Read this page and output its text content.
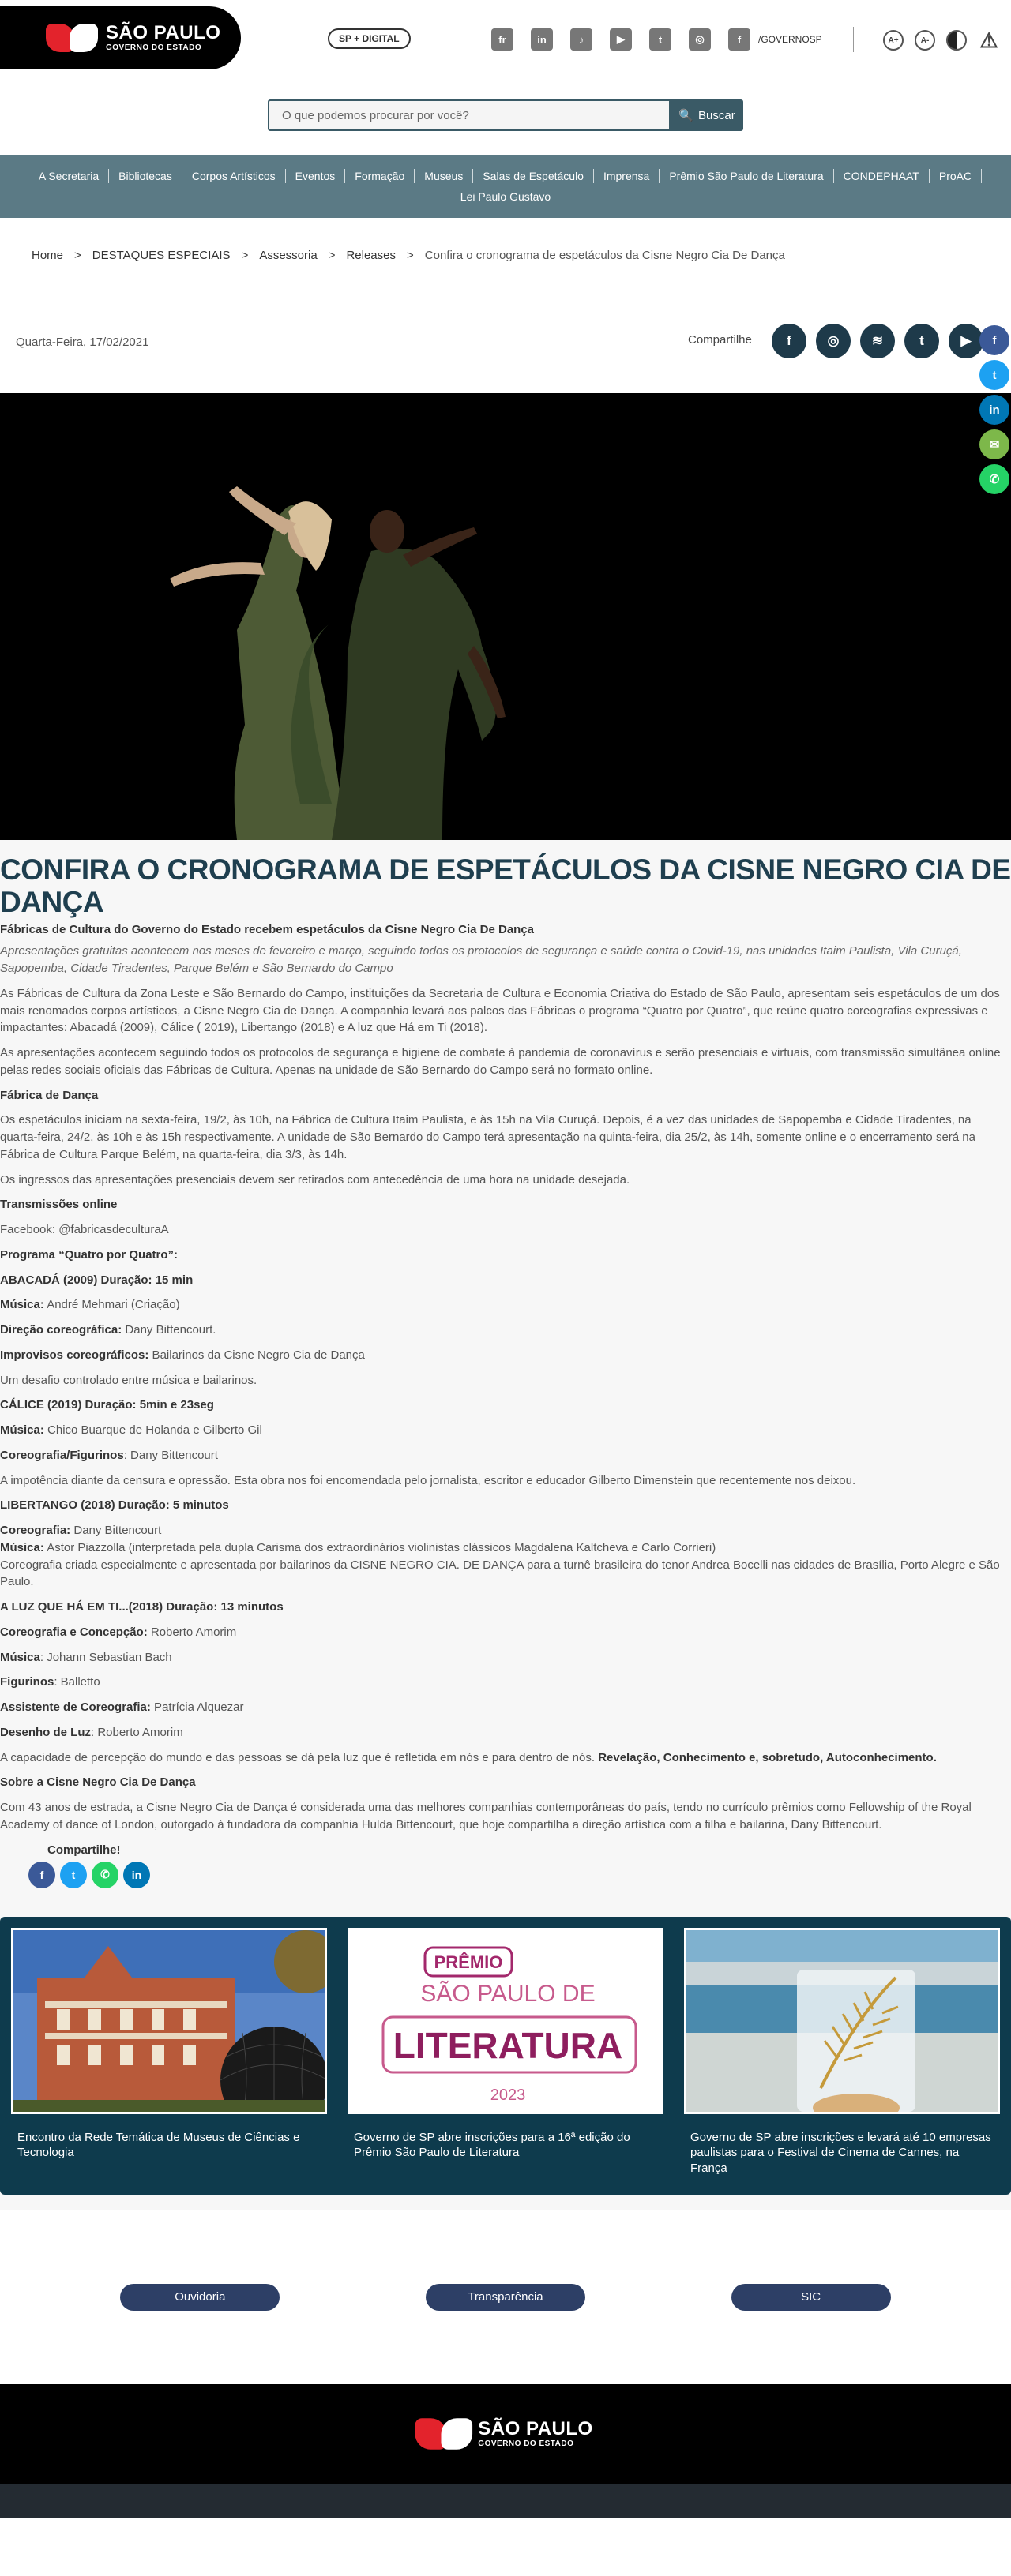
SÃO PAULO
GOVERNO DO ESTADO
SP + DIGITAL	fr	in	♪	▶	t	◎	f	/GOVERNOSP	A+	A- ⚠
O que podemos procurar por você?
🔍 Buscar
A Secretaria	Bibliotecas	Corpos Artísticos	Eventos	Formação	Museus	Salas de Espetáculo	Imprensa	Prêmio São Paulo de Literatura	CONDEPHAAT	ProAC
Lei Paulo Gustavo
Home > DESTAQUES ESPECIAIS > Assessoria > Releases > Confira o cronograma de espetáculos da Cisne Negro Cia De Dança
Quarta-Feira, 17/02/2021	Compartilhe	f	◎	≋	t	▶	f
t
in
✉
✆
CONFIRA O CRONOGRAMA DE ESPETÁCULOS DA CISNE NEGRO CIA DE DANÇA
Fábricas de Cultura do Governo do Estado recebem espetáculos da Cisne Negro Cia De Dança

Apresentações gratuitas acontecem nos meses de fevereiro e março, seguindo todos os protocolos de segurança e saúde contra o Covid-19, nas unidades Itaim Paulista, Vila Curuçá, Sapopemba, Cidade Tiradentes, Parque Belém e São Bernardo do Campo

As Fábricas de Cultura da Zona Leste e São Bernardo do Campo, instituições da Secretaria de Cultura e Economia Criativa do Estado de São Paulo, apresentam seis espetáculos de um dos mais renomados corpos artísticos, a Cisne Negro Cia de Dança. A companhia levará aos palcos das Fábricas o programa “Quatro por Quatro”, que reúne quatro coreografias expressivas e impactantes: Abacadá (2009), Cálice ( 2019), Libertango (2018) e A luz que Há em Ti (2018).

As apresentações acontecem seguindo todos os protocolos de segurança e higiene de combate à pandemia de coronavírus e serão presenciais e virtuais, com transmissão simultânea online pelas redes sociais oficiais das Fábricas de Cultura. Apenas na unidade de São Bernardo do Campo será no formato online.

Fábrica de Dança

Os espetáculos iniciam na sexta-feira, 19/2, às 10h, na Fábrica de Cultura Itaim Paulista, e às 15h na Vila Curuçá. Depois, é a vez das unidades de Sapopemba e Cidade Tiradentes, na quarta-feira, 24/2, às 10h e às 15h respectivamente. A unidade de São Bernardo do Campo terá apresentação na quinta-feira, dia 25/2, às 14h, somente online e o encerramento será na Fábrica de Cultura Parque Belém, na quarta-feira, dia 3/3, às 14h.

Os ingressos das apresentações presenciais devem ser retirados com antecedência de uma hora na unidade desejada.

Transmissões online

Facebook: @fabricasdeculturaA

Programa “Quatro por Quatro”:

ABACADÁ (2009) Duração: 15 min

Música: André Mehmari (Criação)

Direção coreográfica: Dany Bittencourt.

Improvisos coreográficos: Bailarinos da Cisne Negro Cia de Dança

Um desafio controlado entre música e bailarinos.

CÁLICE (2019) Duração: 5min e 23seg

Música: Chico Buarque de Holanda e Gilberto Gil

Coreografia/Figurinos: Dany Bittencourt

A impotência diante da censura e opressão. Esta obra nos foi encomendada pelo jornalista, escritor e educador Gilberto Dimenstein que recentemente nos deixou.

LIBERTANGO (2018) Duração: 5 minutos

Coreografia: Dany Bittencourt

Música: Astor Piazzolla (interpretada pela dupla Carisma dos extraordinários violinistas clássicos Magdalena Kaltcheva e Carlo Corrieri)

Coreografia criada especialmente e apresentada por bailarinos da CISNE NEGRO CIA. DE DANÇA para a turnê brasileira do tenor Andrea Bocelli nas cidades de Brasília, Porto Alegre e São Paulo.

A LUZ QUE HÁ EM TI...(2018) Duração: 13 minutos

Coreografia e Concepção: Roberto Amorim

Música: Johann Sebastian Bach

Figurinos: Balletto

Assistente de Coreografia: Patrícia Alquezar

Desenho de Luz: Roberto Amorim

A capacidade de percepção do mundo e das pessoas se dá pela luz que é refletida em nós e para dentro de nós. Revelação, Conhecimento e, sobretudo, Autoconhecimento.

Sobre a Cisne Negro Cia De Dança

Com 43 anos de estrada, a Cisne Negro Cia de Dança é considerada uma das melhores companhias contemporâneas do país, tendo no currículo prêmios como Fellowship of the Royal Academy of dance of London, outorgado à fundadora da companhia Hulda Bittencourt, que hoje compartilha a direção artística com a filha e bailarina, Dany Bittencourt.

Compartilhe!
f	t	✆	in
Encontro da Rede Temática de Museus de Ciências e Tecnologia
PRÊMIO
SÃO PAULO DE
LITERATURA
2023
Governo de SP abre inscrições para a 16ª edição do Prêmio São Paulo de Literatura
Governo de SP abre inscrições e levará até 10 empresas paulistas para o Festival de Cinema de Cannes, na França
Ouvidoria	Transparência	SIC
SÃO PAULO
GOVERNO DO ESTADO
